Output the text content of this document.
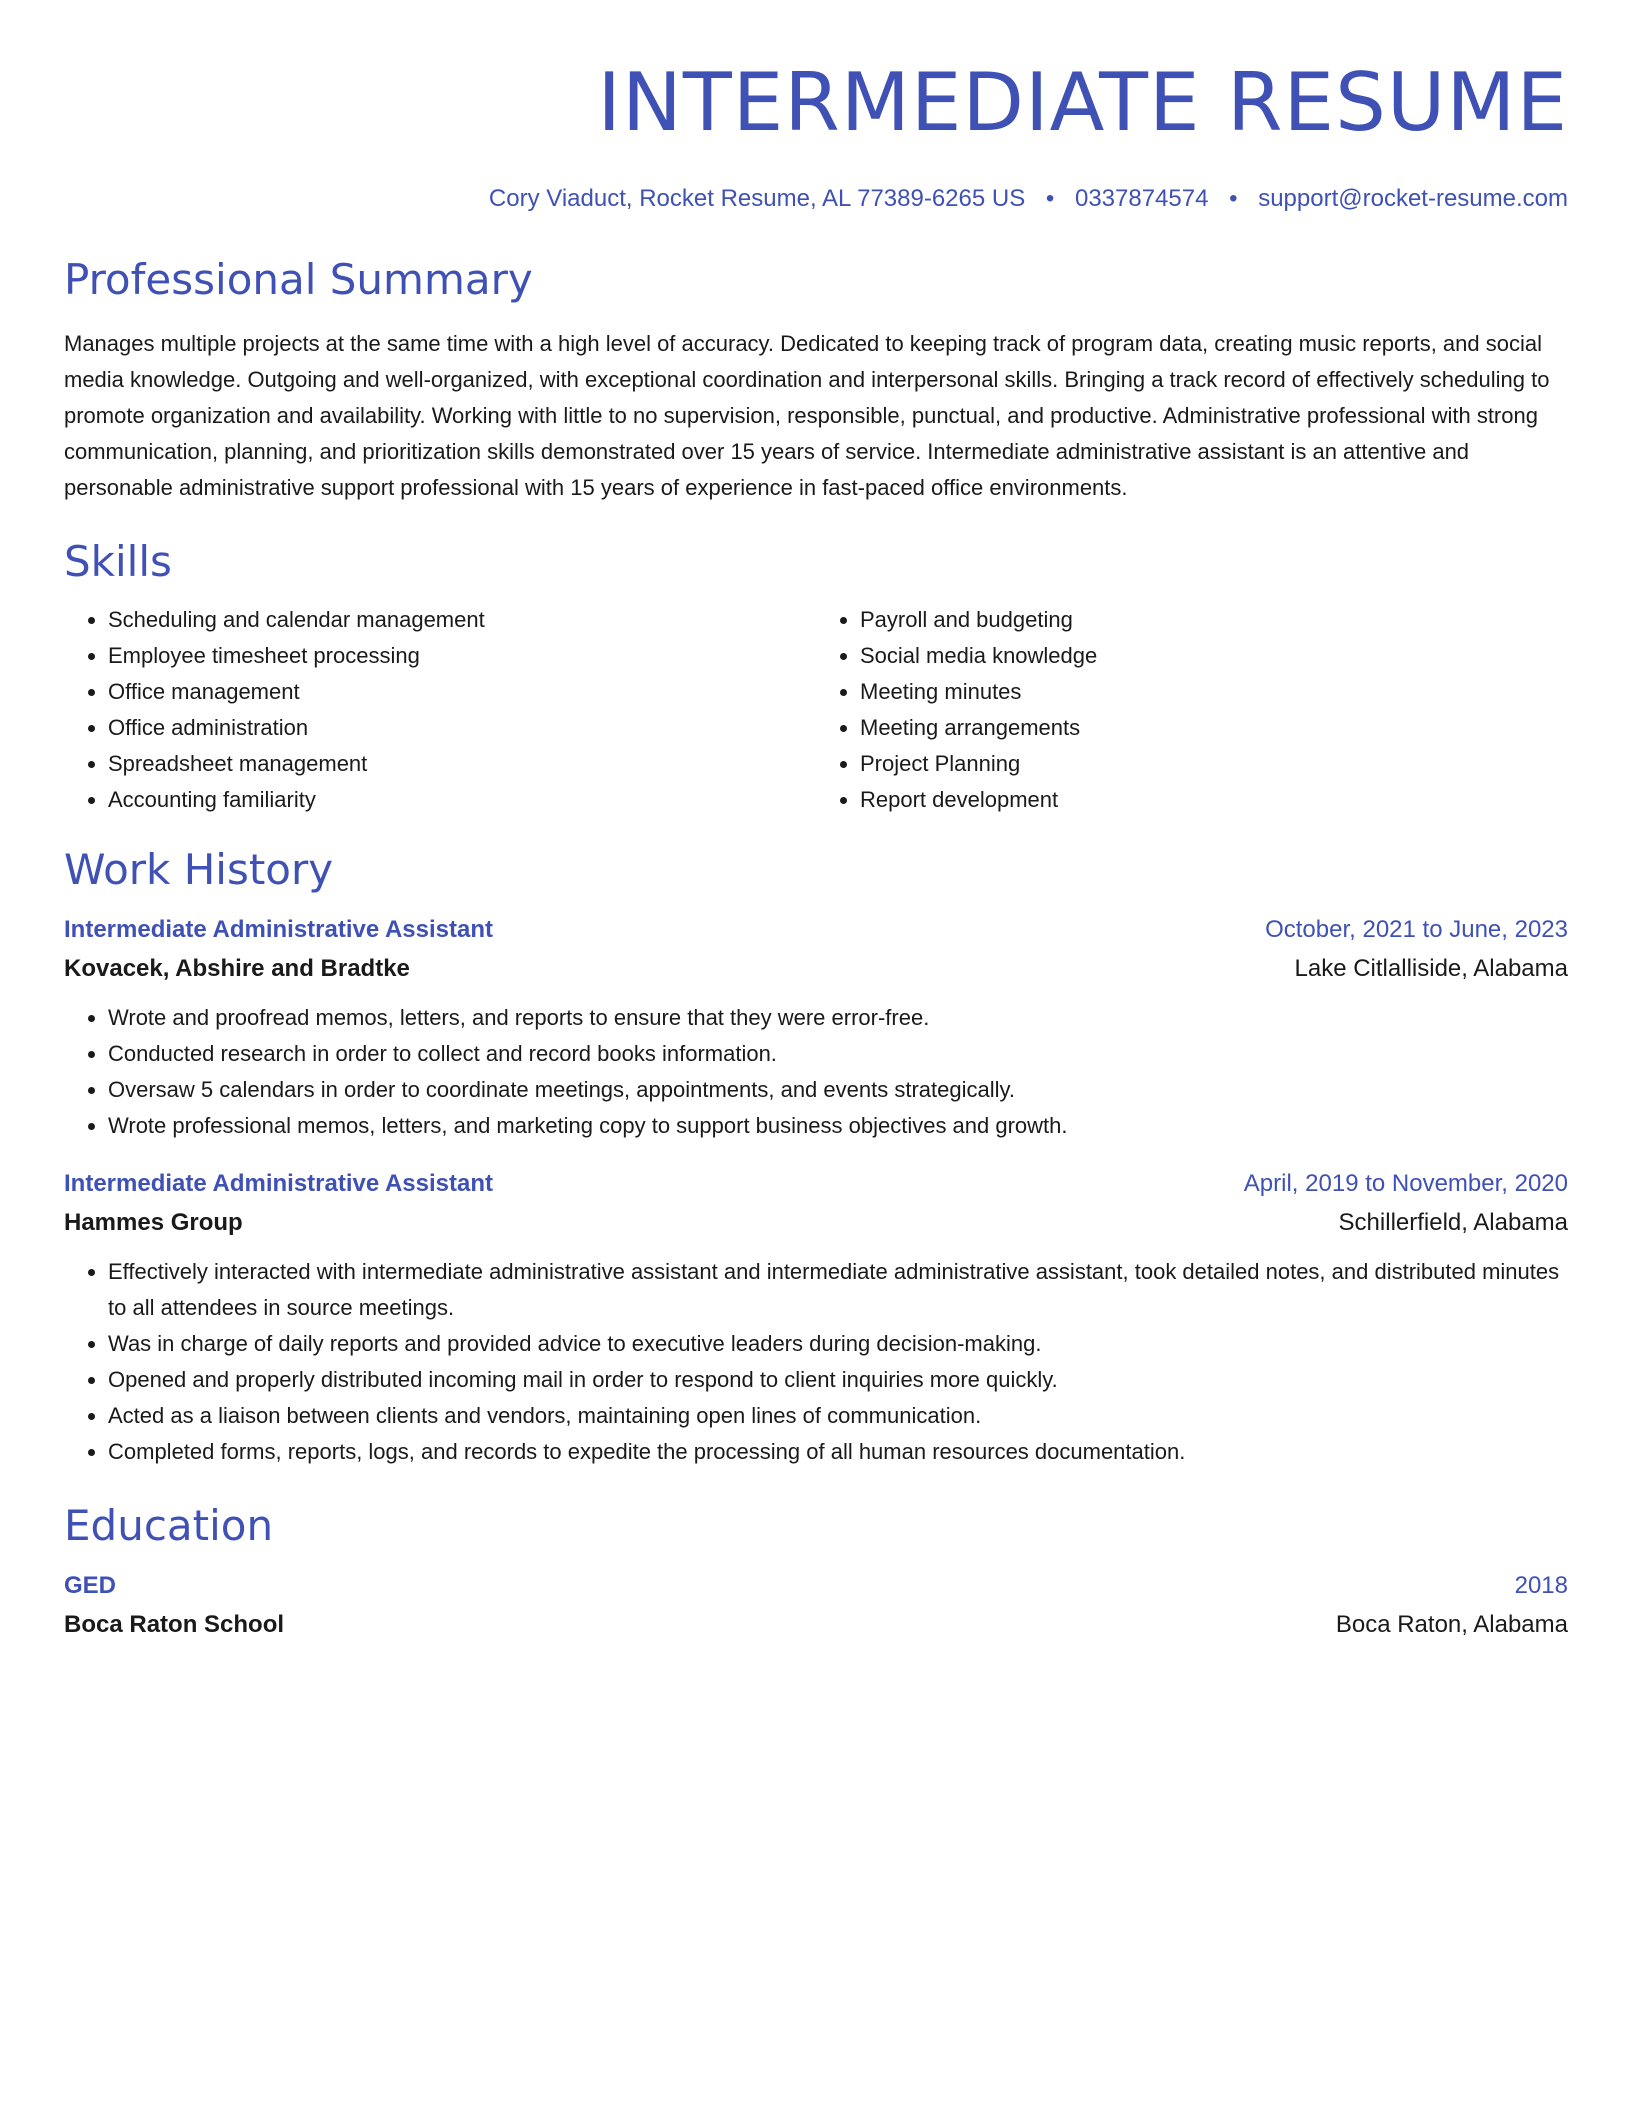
INTERMEDIATE RESUME
Cory Viaduct, Rocket Resume, AL 77389-6265 US • 0337874574 • support@rocket-resume.com
Professional Summary

Manages multiple projects at the same time with a high level of accuracy. Dedicated to keeping track of program data, creating music reports, and social media knowledge. Outgoing and well-organized, with exceptional coordination and interpersonal skills. Bringing a track record of effectively scheduling to promote organization and availability. Working with little to no supervision, responsible, punctual, and productive. Administrative professional with strong communication, planning, and prioritization skills demonstrated over 15 years of service. Intermediate administrative assistant is an attentive and personable administrative support professional with 15 years of experience in fast-paced office environments.

Skills
• Scheduling and calendar management
• Employee timesheet processing
• Office management
• Office administration
• Spreadsheet management
• Accounting familiarity
• Payroll and budgeting
• Social media knowledge
• Meeting minutes
• Meeting arrangements
• Project Planning
• Report development
Work History
Intermediate Administrative Assistant	October, 2021 to June, 2023
Kovacek, Abshire and Bradtke	Lake Citlalliside, Alabama
• Wrote and proofread memos, letters, and reports to ensure that they were error-free.
• Conducted research in order to collect and record books information.
• Oversaw 5 calendars in order to coordinate meetings, appointments, and events strategically.
• Wrote professional memos, letters, and marketing copy to support business objectives and growth.
Intermediate Administrative Assistant	April, 2019 to November, 2020
Hammes Group	Schillerfield, Alabama
• Effectively interacted with intermediate administrative assistant and intermediate administrative assistant, took detailed notes, and distributed minutes to all attendees in source meetings.
• Was in charge of daily reports and provided advice to executive leaders during decision-making.
• Opened and properly distributed incoming mail in order to respond to client inquiries more quickly.
• Acted as a liaison between clients and vendors, maintaining open lines of communication.
• Completed forms, reports, logs, and records to expedite the processing of all human resources documentation.
Education
GED	2018
Boca Raton School	Boca Raton, Alabama
